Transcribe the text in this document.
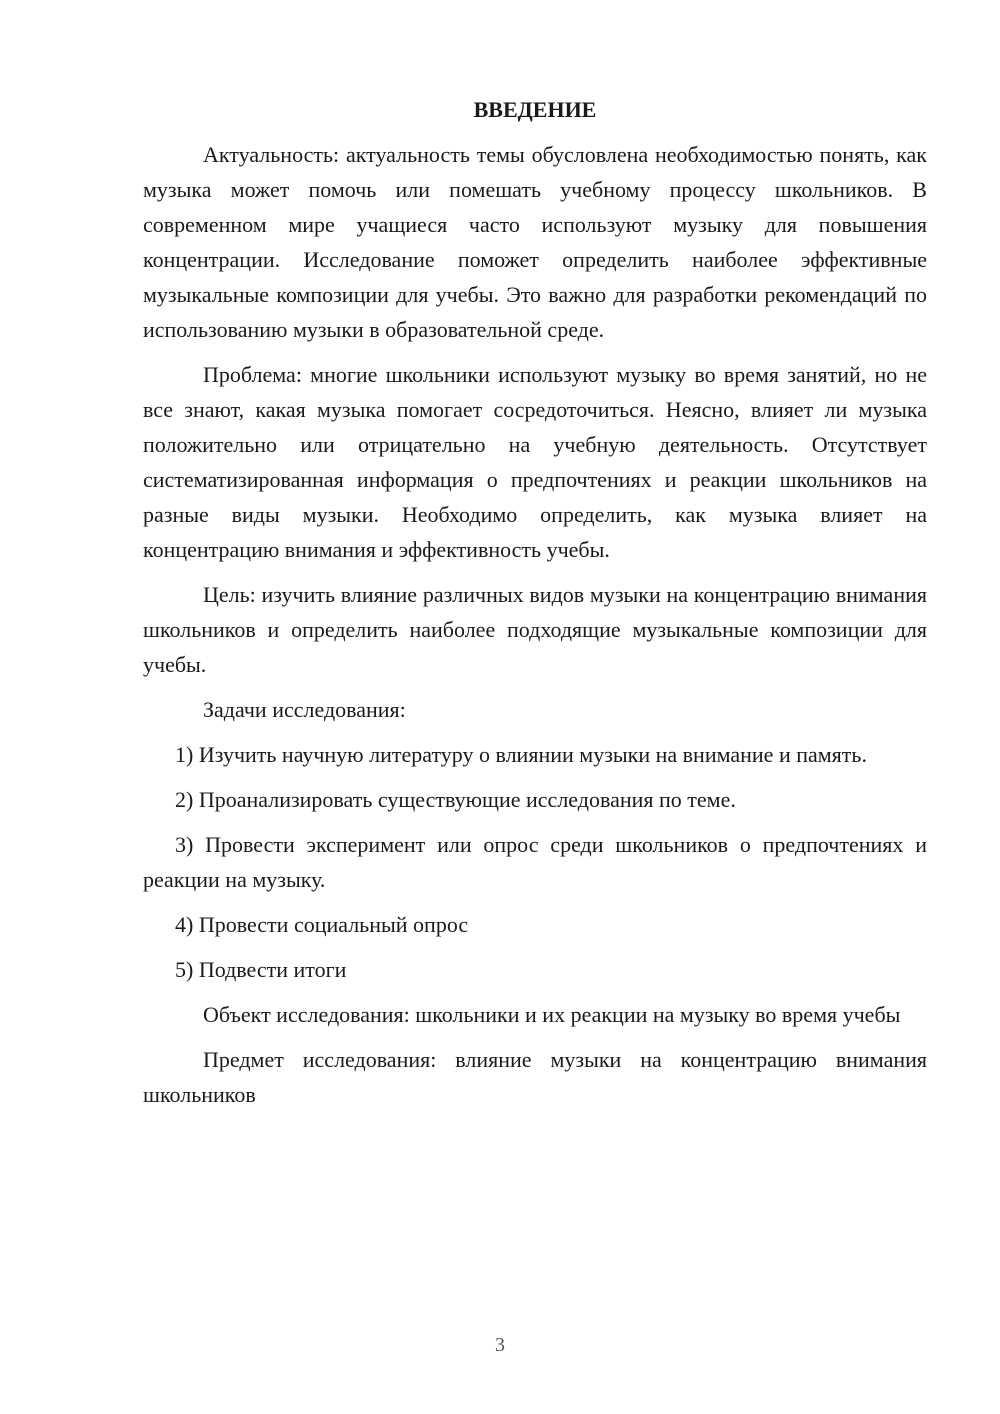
ВВЕДЕНИЕ

Актуальность: актуальность темы обусловлена необходимостью понять, как музыка может помочь или помешать учебному процессу школьников. В современном мире учащиеся часто используют музыку для повышения концентрации. Исследование поможет определить наиболее эффективные музыкальные композиции для учебы. Это важно для разработки рекомендаций по использованию музыки в образовательной среде.

Проблема: многие школьники используют музыку во время занятий, но не все знают, какая музыка помогает сосредоточиться. Неясно, влияет ли музыка положительно или отрицательно на учебную деятельность. Отсутствует систематизированная информация о предпочтениях и реакции школьников на разные виды музыки. Необходимо определить, как музыка влияет на концентрацию внимания и эффективность учебы.

Цель: изучить влияние различных видов музыки на концентрацию внимания школьников и определить наиболее подходящие музыкальные композиции для учебы.

Задачи исследования:

1) Изучить научную литературу о влиянии музыки на внимание и память.

2) Проанализировать существующие исследования по теме.

3) Провести эксперимент или опрос среди школьников о предпочтениях и реакции на музыку.

4) Провести социальный опрос

5) Подвести итоги

Объект исследования: школьники и их реакции на музыку во время учебы

Предмет исследования: влияние музыки на концентрацию внимания школьников

3
